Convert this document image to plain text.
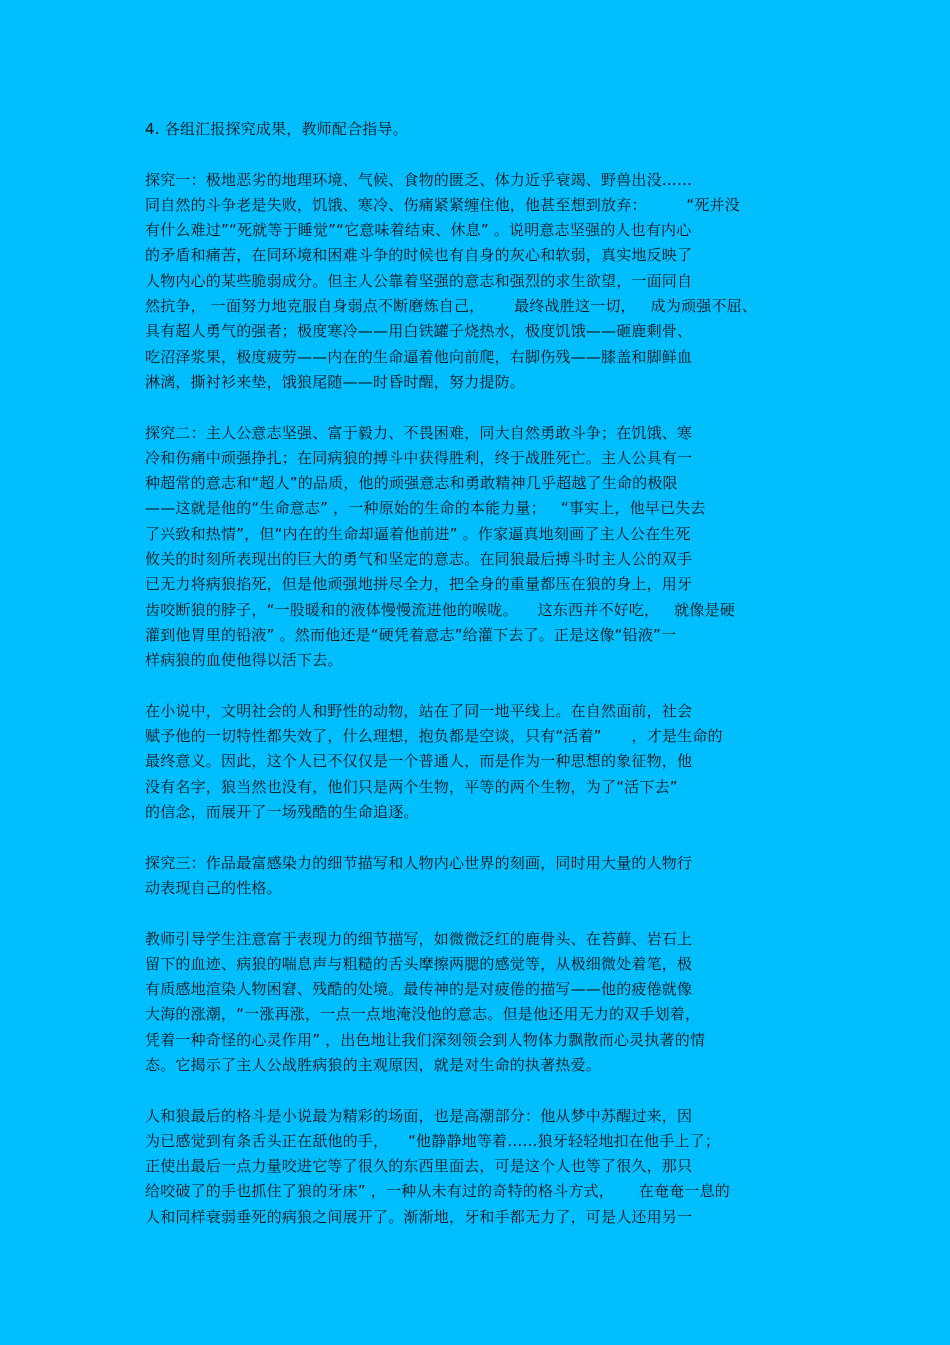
4. 各组汇报探究成果，教师配合指导。
探究一：极地恶劣的地理环境、气候、食物的匮乏、体力近乎衰竭、野兽出没……
同自然的斗争老是失败，饥饿、寒冷、伤痛紧紧缠住他，他甚至想到放弃：        “死并没
有什么难过”“死就等于睡觉”“它意味着结束、休息” 。说明意志坚强的人也有内心
的矛盾和痛苦，在同环境和困难斗争的时候也有自身的灰心和软弱，真实地反映了
人物内心的某些脆弱成分。但主人公靠着坚强的意志和强烈的求生欲望，一面同自
然抗争， 一面努力地克服自身弱点不断磨炼自己，      最终战胜这一切，   成为顽强不屈、
具有超人勇气的强者；极度寒冷——用白铁罐子烧热水，极度饥饿——砸鹿剩骨、
吃沼泽浆果，极度疲劳——内在的生命逼着他向前爬，右脚伤残——膝盖和脚鲜血
淋漓，撕衬衫来垫，饿狼尾随——时昏时醒，努力提防。
探究二：主人公意志坚强、富于毅力、不畏困难，同大自然勇敢斗争；在饥饿、寒
冷和伤痛中顽强挣扎；在同病狼的搏斗中获得胜利，终于战胜死亡。主人公具有一
种超常的意志和“超人”的品质，他的顽强意志和勇敢精神几乎超越了生命的极限
——这就是他的“生命意志” ，一种原始的生命的本能力量；   “事实上，他早已失去
了兴致和热情”，但“内在的生命却逼着他前进” 。作家逼真地刻画了主人公在生死
攸关的时刻所表现出的巨大的勇气和坚定的意志。在同狼最后搏斗时主人公的双手
已无力将病狼掐死，但是他顽强地拼尽全力，把全身的重量都压在狼的身上，用牙
齿咬断狼的脖子，“一股暖和的液体慢慢流进他的喉咙。    这东西并不好吃，   就像是硬
灌到他胃里的铅液” 。然而他还是“硬凭着意志”给灌下去了。正是这像“铅液”一
样病狼的血使他得以活下去。
在小说中，文明社会的人和野性的动物，站在了同一地平线上。在自然面前，社会
赋予他的一切特性都失效了，什么理想，抱负都是空谈，只有“活着”      ，才是生命的
最终意义。因此，这个人已不仅仅是一个普通人，而是作为一种思想的象征物，他
没有名字，狼当然也没有，他们只是两个生物，平等的两个生物，为了“活下去”
的信念，而展开了一场残酷的生命追逐。
探究三：作品最富感染力的细节描写和人物内心世界的刻画，同时用大量的人物行
动表现自己的性格。
教师引导学生注意富于表现力的细节描写，如微微泛红的鹿骨头、在苔藓、岩石上
留下的血迹、病狼的喘息声与粗糙的舌头摩擦两腮的感觉等，从极细微处着笔，极
有质感地渲染人物困窘、残酷的处境。最传神的是对疲倦的描写——他的疲倦就像
大海的涨潮，“一涨再涨，一点一点地淹没他的意志。但是他还用无力的双手划着，
凭着一种奇怪的心灵作用” ，出色地让我们深刻领会到人物体力飘散而心灵执著的情
态。它揭示了主人公战胜病狼的主观原因，就是对生命的执著热爱。
人和狼最后的格斗是小说最为精彩的场面，也是高潮部分：他从梦中苏醒过来，因
为已感觉到有条舌头正在舐他的手，    “他静静地等着……狼牙轻轻地扣在他手上了；
正使出最后一点力量咬进它等了很久的东西里面去，可是这个人也等了很久，那只
给咬破了的手也抓住了狼的牙床” ，一种从未有过的奇特的格斗方式，     在奄奄一息的
人和同样衰弱垂死的病狼之间展开了。渐渐地，牙和手都无力了，可是人还用另一
